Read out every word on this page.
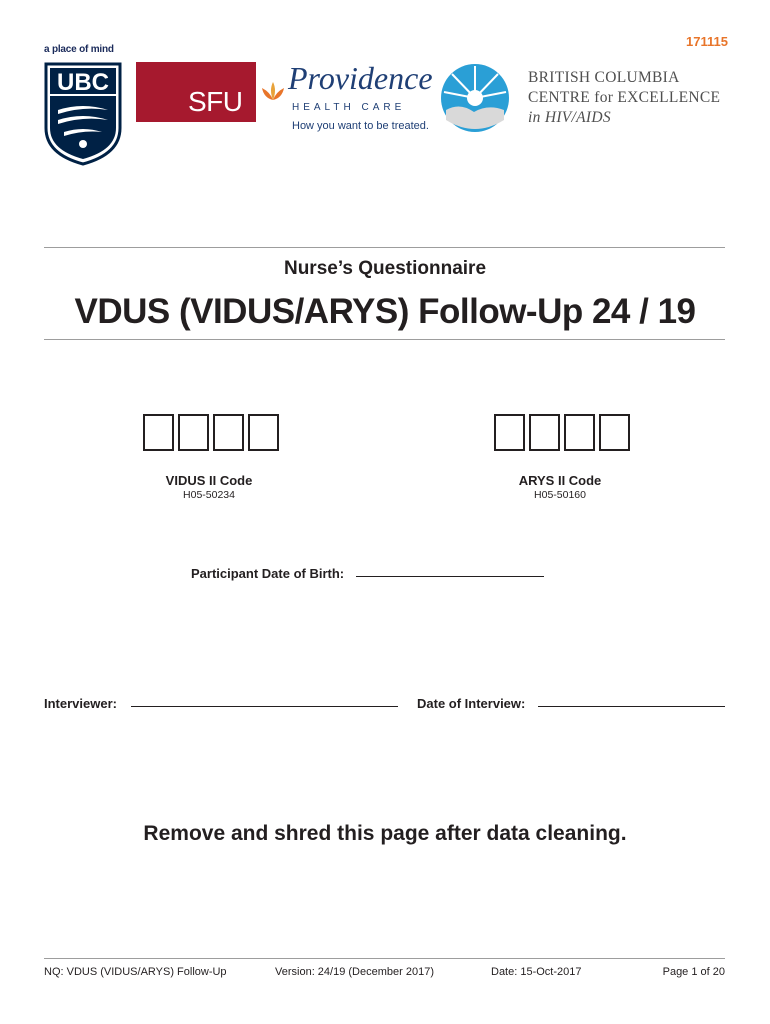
171115
a place of mind
UBC
SFU
Providence
HEALTH CARE
How you want to be treated.
BRITISH COLUMBIA
CENTRE for EXCELLENCE
in HIV/AIDS
Nurse’s Questionnaire
VDUS (VIDUS/ARYS) Follow-Up 24 / 19
VIDUS II Code
H05-50234
ARYS II Code
H05-50160
Participant Date of Birth:
Interviewer:	Date of Interview:
Remove and shred this page after data cleaning.
NQ: VDUS (VIDUS/ARYS) Follow-Up	Version: 24/19 (December 2017)	Date: 15-Oct-2017	Page 1 of 20
